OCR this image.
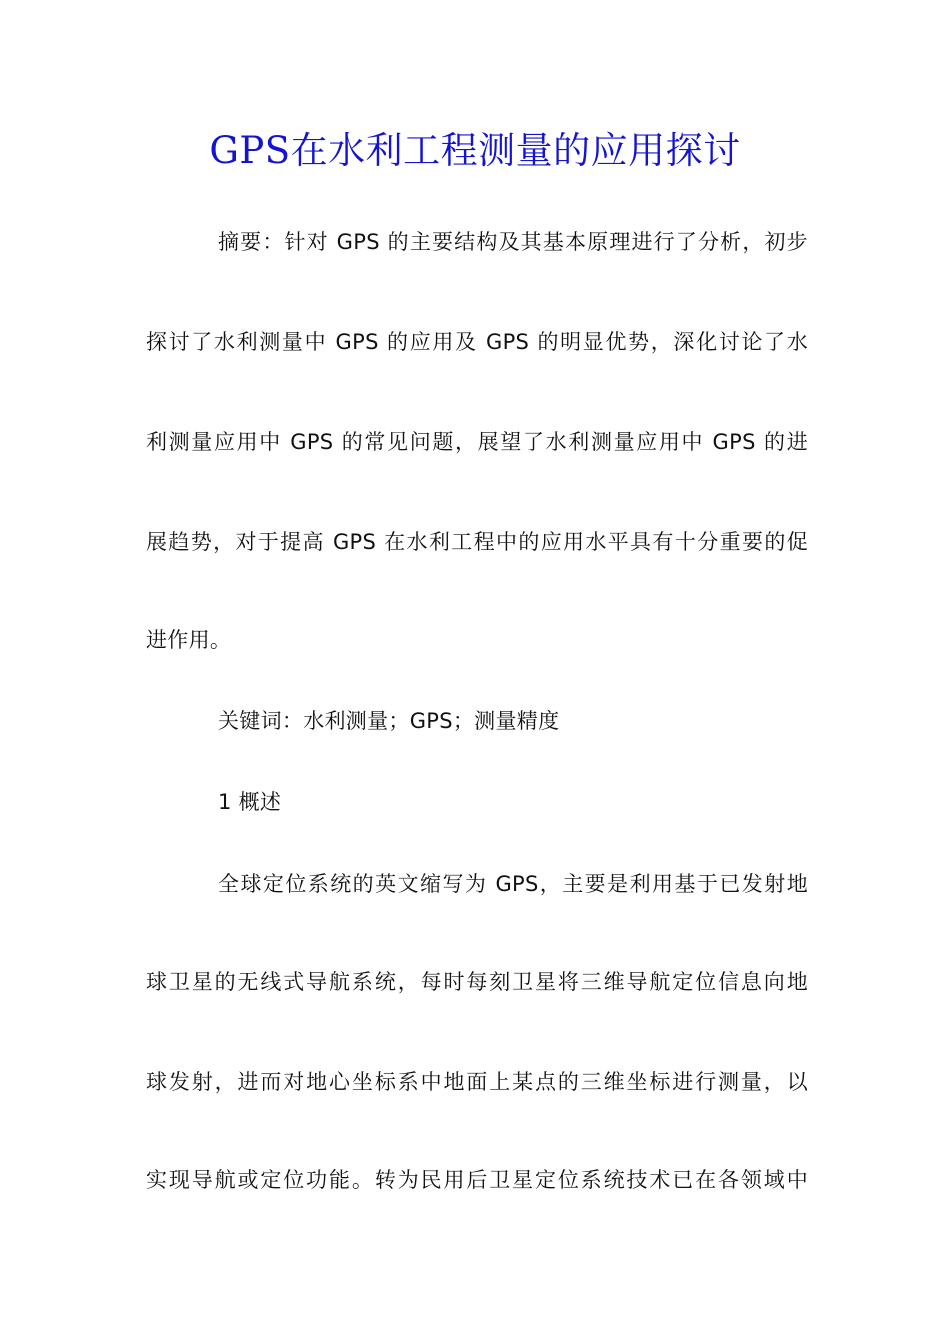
GPS在水利工程测量的应用探讨
摘要：针对 GPS 的主要结构及其基本原理进行了分析，初步
探讨了水利测量中 GPS 的应用及 GPS 的明显优势，深化讨论了水
利测量应用中 GPS 的常见问题，展望了水利测量应用中 GPS 的进
展趋势，对于提高 GPS 在水利工程中的应用水平具有十分重要的促
进作用。
关键词：水利测量；GPS；测量精度
1 概述
全球定位系统的英文缩写为 GPS，主要是利用基于已发射地
球卫星的无线式导航系统，每时每刻卫星将三维导航定位信息向地
球发射，进而对地心坐标系中地面上某点的三维坐标进行测量，以
实现导航或定位功能。转为民用后卫星定位系统技术已在各领域中
